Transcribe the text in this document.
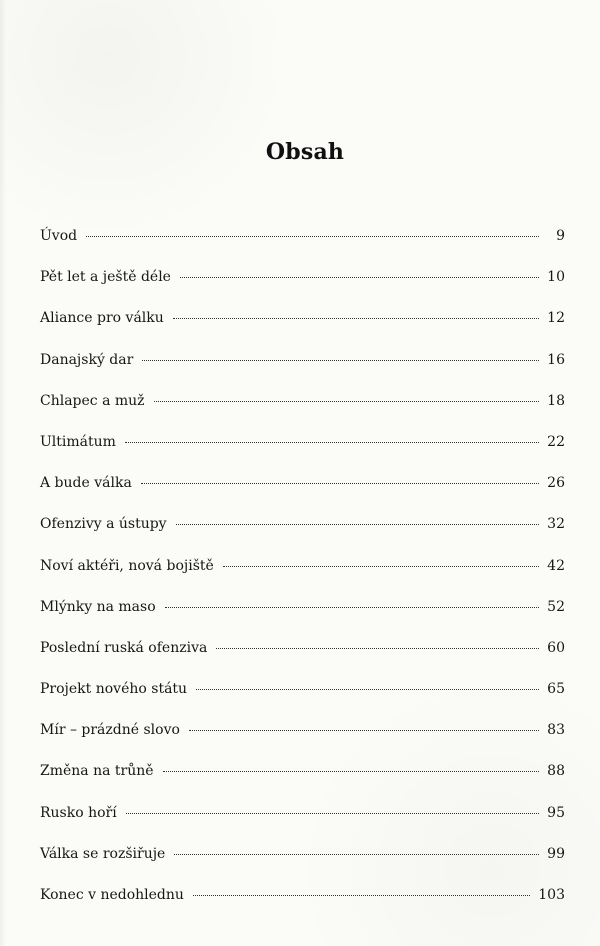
Obsah
Úvod	9
Pět let a ještě déle	10
Aliance pro válku	12
Danajský dar	16
Chlapec a muž	18
Ultimátum	22
A bude válka	26
Ofenzivy a ústupy	32
Noví aktéři, nová bojiště	42
Mlýnky na maso	52
Poslední ruská ofenziva	60
Projekt nového státu	65
Mír – prázdné slovo	83
Změna na trůně	88
Rusko hoří	95
Válka se rozšiřuje	99
Konec v nedohlednu	103
